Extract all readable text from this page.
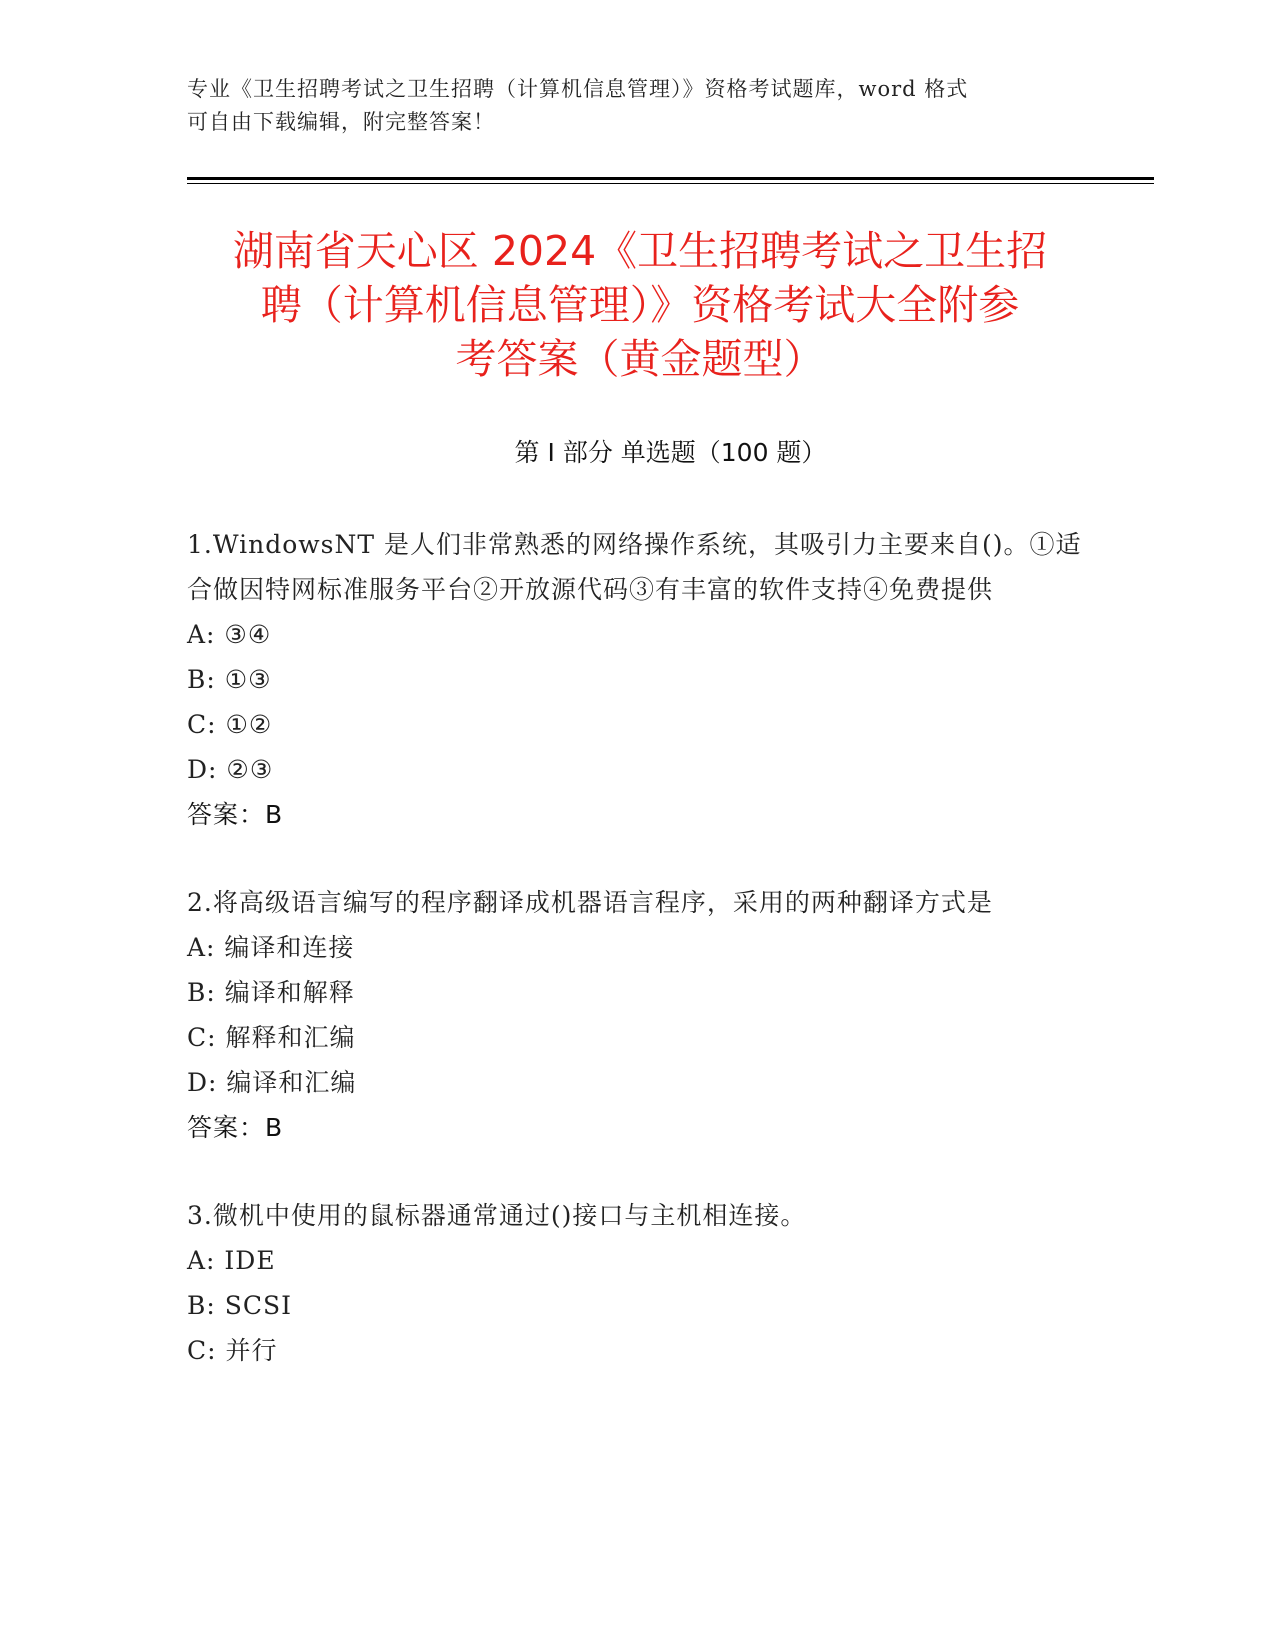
专业《卫生招聘考试之卫生招聘（计算机信息管理）》资格考试题库，word 格式
可自由下载编辑，附完整答案！
湖南省天心区 2024《卫生招聘考试之卫生招
聘（计算机信息管理）》资格考试大全附参
考答案（黄金题型）
第 I 部分 单选题（100 题）

1.WindowsNT 是人们非常熟悉的网络操作系统，其吸引力主要来自()。①适合做因特网标准服务平台②开放源代码③有丰富的软件支持④免费提供

A: ③④

B: ①③

C: ①②

D: ②③

答案：B

2.将高级语言编写的程序翻译成机器语言程序，采用的两种翻译方式是

A: 编译和连接

B: 编译和解释

C: 解释和汇编

D: 编译和汇编

答案：B

3.微机中使用的鼠标器通常通过()接口与主机相连接。

A: IDE

B: SCSI

C: 并行
